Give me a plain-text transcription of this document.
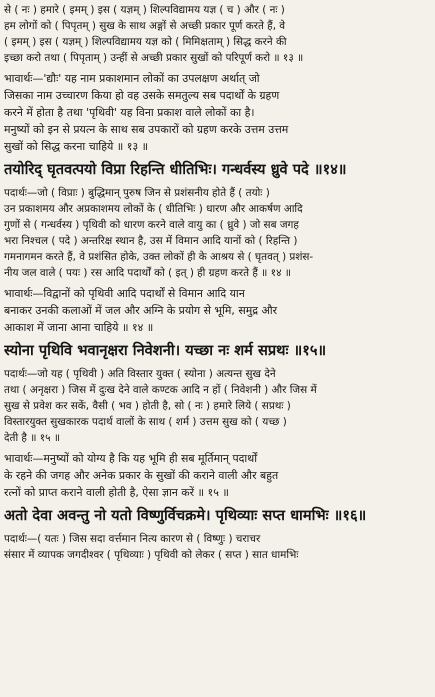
से ( नः ) हमारे ( इमम् ) इस ( यज्ञम् ) शिल्पविद्यामय यज्ञ ( च ) और ( नः )

हम लोगों को ( पिपृतम् ) सुख के साथ अङ्गों से अच्छी प्रकार पूर्ण करते हैं, वे

( इमम् ) इस ( यज्ञम् ) शिल्पविद्यामय यज्ञ को ( मिमिक्षताम् ) सिद्ध करने की

इच्छा करो तथा ( पिपृताम् ) उन्हीं से अच्छी प्रकार सुखों को परिपूर्ण करो ॥ १३ ॥

भावार्थः—'द्यौः' यह नाम प्रकाशमान लोकों का उपलक्षण अर्थात् जो

जिसका नाम उच्चारण किया हो वह उसके समतुल्य सब पदार्थों के ग्रहण

करने में होता है तथा 'पृथिवी' यह विना प्रकाश वाले लोकों का है।

मनुष्यों को इन से प्रयत्न के साथ सब उपकारों को ग्रहण करके उत्तम उत्तम

सुखों को सिद्ध करना चाहिये ॥ १३ ॥

तयोरिद् घृतवत्पयो विप्रा रिहन्ति धीतिभिः। गन्धर्वस्य ध्रुवे पदे ॥१४॥

पदार्थः—जो ( विप्राः ) बुद्धिमान् पुरुष जिन से प्रशंसनीय होते हैं ( तयोः )

उन प्रकाशमय और अप्रकाशमय लोकों के ( धीतिभिः ) धारण और आकर्षण आदि

गुणों से ( गन्धर्वस्य ) पृथिवी को धारण करने वाले वायु का ( ध्रुवे ) जो सब जगह

भरा निश्चल ( पदे ) अन्तरिक्ष स्थान है, उस में विमान आदि यानों को ( रिहन्ति )

गमनागमन करते हैं, वे प्रशंसित होके, उक्त लोकों ही के आश्रय से ( घृतवत् ) प्रशंस-

नीय जल वाले ( पयः ) रस आदि पदार्थों को ( इत् ) ही ग्रहण करते हैं ॥ १४ ॥

भावार्थः—विद्वानों को पृथिवी आदि पदार्थों से विमान आदि यान

बनाकर उनकी कलाओं में जल और अग्नि के प्रयोग से भूमि, समुद्र और

आकाश में जाना आना चाहिये ॥ १४ ॥

स्योना पृथिवि भवानृक्षरा निवेशनी। यच्छा नः शर्म सप्रथः ॥१५॥

पदार्थः—जो यह ( पृथिवी ) अति विस्तार युक्त ( स्योना ) अत्यन्त सुख देने

तथा ( अनृक्षरा ) जिस में दुःख देने वाले कण्टक आदि न हों ( निवेशनी ) और जिस में

सुख से प्रवेश कर सकें, वैसी ( भव ) होती है, सो ( नः ) हमारे लिये ( सप्रथः )

विस्तारयुक्त सुखकारक पदार्थ वालों के साथ ( शर्म ) उत्तम सुख को ( यच्छ )

देती है ॥ १५ ॥

भावार्थः—मनुष्यों को योग्य है कि यह भूमि ही सब मूर्तिमान् पदार्थों

के रहने की जगह और अनेक प्रकार के सुखों की कराने वाली और बहुत

रत्नों को प्राप्त कराने वाली होती है, ऐसा ज्ञान करें ॥ १५ ॥

अतो देवा अवन्तु नो यतो विष्णुर्विचक्रमे। पृथिव्याः सप्त धामभिः ॥१६॥

पदार्थः—( यतः ) जिस सदा वर्त्तमान नित्य कारण से ( विष्णुः ) चराचर

संसार में व्यापक जगदीश्वर ( पृथिव्याः ) पृथिवी को लेकर ( सप्त ) सात धामभिः
